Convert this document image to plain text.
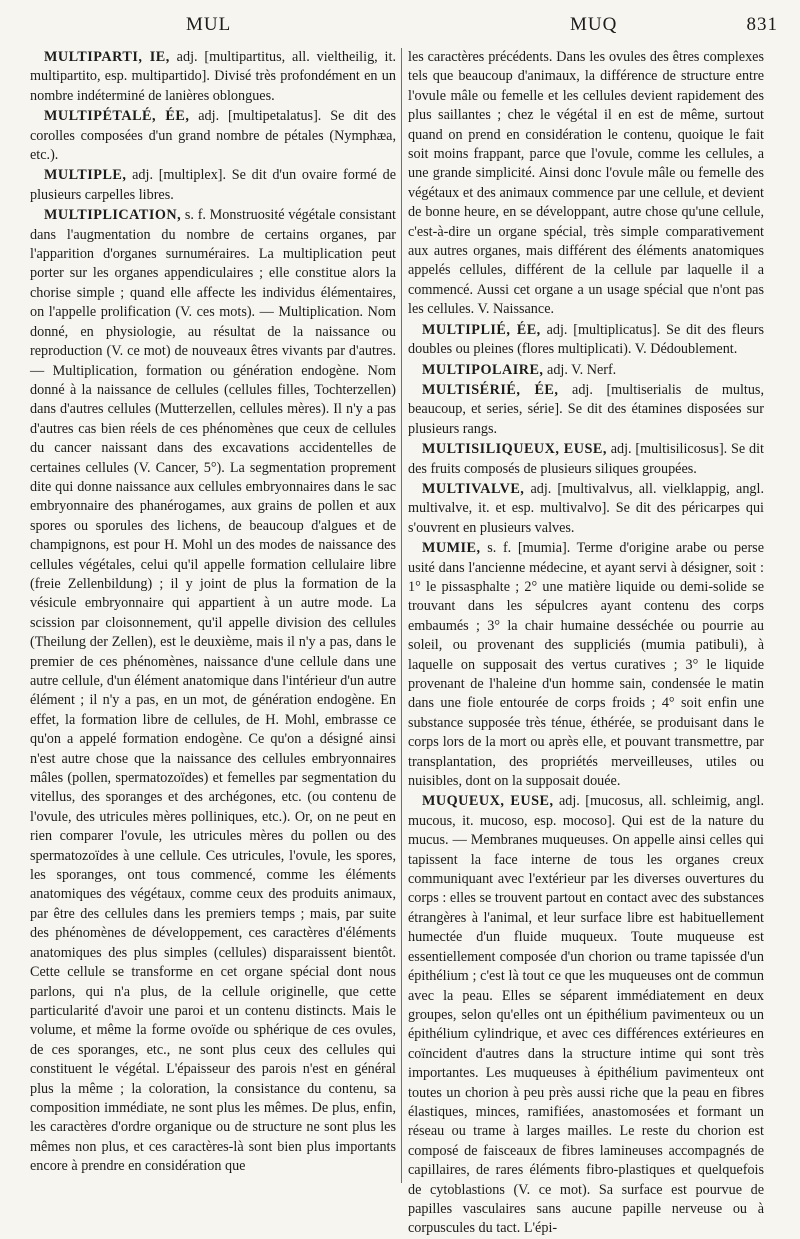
MUL	MUQ	831

MULTIPARTI, IE, adj. [multipartitus, all. vieltheilig, it. multipartito, esp. multipartido]. Divisé très profondément en un nombre indéterminé de lanières oblongues.

MULTIPÉTALÉ, ÉE, adj. [multipetalatus]. Se dit des corolles composées d'un grand nombre de pétales (Nymphæa, etc.).

MULTIPLE, adj. [multiplex]. Se dit d'un ovaire formé de plusieurs carpelles libres.

MULTIPLICATION, s. f. Monstruosité végétale consistant dans l'augmentation du nombre de certains organes, par l'apparition d'organes surnuméraires. La multiplication peut porter sur les organes appendiculaires ; elle constitue alors la chorise simple ; quand elle affecte les individus élémentaires, on l'appelle prolification (V. ces mots). — Multiplication. Nom donné, en physiologie, au résultat de la naissance ou reproduction (V. ce mot) de nouveaux êtres vivants par d'autres. — Multiplication, formation ou génération endogène. Nom donné à la naissance de cellules (cellules filles, Tochterzellen) dans d'autres cellules (Mutterzellen, cellules mères). Il n'y a pas d'autres cas bien réels de ces phénomènes que ceux de cellules du cancer naissant dans des excavations accidentelles de certaines cellules (V. Cancer, 5°). La segmentation proprement dite qui donne naissance aux cellules embryonnaires dans le sac embryonnaire des phanérogames, aux grains de pollen et aux spores ou sporules des lichens, de beaucoup d'algues et de champignons, est pour H. Mohl un des modes de naissance des cellules végétales, celui qu'il appelle formation cellulaire libre (freie Zellenbildung) ; il y joint de plus la formation de la vésicule embryonnaire qui appartient à un autre mode. La scission par cloisonnement, qu'il appelle division des cellules (Theilung der Zellen), est le deuxième, mais il n'y a pas, dans le premier de ces phénomènes, naissance d'une cellule dans une autre cellule, d'un élément anatomique dans l'intérieur d'un autre élément ; il n'y a pas, en un mot, de génération endogène. En effet, la formation libre de cellules, de H. Mohl, embrasse ce qu'on a appelé formation endogène. Ce qu'on a désigné ainsi n'est autre chose que la naissance des cellules embryonnaires mâles (pollen, spermatozoïdes) et femelles par segmentation du vitellus, des sporanges et des archégones, etc. (ou contenu de l'ovule, des utricules mères polliniques, etc.). Or, on ne peut en rien comparer l'ovule, les utricules mères du pollen ou des spermatozoïdes à une cellule. Ces utricules, l'ovule, les spores, les sporanges, ont tous commencé, comme les éléments anatomiques des végétaux, comme ceux des produits animaux, par être des cellules dans les premiers temps ; mais, par suite des phénomènes de développement, ces caractères d'éléments anatomiques des plus simples (cellules) disparaissent bientôt. Cette cellule se transforme en cet organe spécial dont nous parlons, qui n'a plus, de la cellule originelle, que cette particularité d'avoir une paroi et un contenu distincts. Mais le volume, et même la forme ovoïde ou sphérique de ces ovules, de ces sporanges, etc., ne sont plus ceux des cellules qui constituent le végétal. L'épaisseur des parois n'est en général plus la même ; la coloration, la consistance du contenu, sa composition immédiate, ne sont plus les mêmes. De plus, enfin, les caractères d'ordre organique ou de structure ne sont plus les mêmes non plus, et ces caractères-là sont bien plus importants encore à prendre en considération que

les caractères précédents. Dans les ovules des êtres complexes tels que beaucoup d'animaux, la différence de structure entre l'ovule mâle ou femelle et les cellules devient rapidement des plus saillantes ; chez le végétal il en est de même, surtout quand on prend en considération le contenu, quoique le fait soit moins frappant, parce que l'ovule, comme les cellules, a une grande simplicité. Ainsi donc l'ovule mâle ou femelle des végétaux et des animaux commence par une cellule, et devient de bonne heure, en se développant, autre chose qu'une cellule, c'est-à-dire un organe spécial, très simple comparativement aux autres organes, mais différent des éléments anatomiques appelés cellules, différent de la cellule par laquelle il a commencé. Aussi cet organe a un usage spécial que n'ont pas les cellules. V. Naissance.

MULTIPLIÉ, ÉE, adj. [multiplicatus]. Se dit des fleurs doubles ou pleines (flores multiplicati). V. Dédoublement.

MULTIPOLAIRE, adj. V. Nerf.

MULTISÉRIÉ, ÉE, adj. [multiserialis de multus, beaucoup, et series, série]. Se dit des étamines disposées sur plusieurs rangs.

MULTISILIQUEUX, EUSE, adj. [multisilicosus]. Se dit des fruits composés de plusieurs siliques groupées.

MULTIVALVE, adj. [multivalvus, all. vielklappig, angl. multivalve, it. et esp. multivalvo]. Se dit des péricarpes qui s'ouvrent en plusieurs valves.

MUMIE, s. f. [mumia]. Terme d'origine arabe ou perse usité dans l'ancienne médecine, et ayant servi à désigner, soit : 1° le pissasphalte ; 2° une matière liquide ou demi-solide se trouvant dans les sépulcres ayant contenu des corps embaumés ; 3° la chair humaine desséchée ou pourrie au soleil, ou provenant des suppliciés (mumia patibuli), à laquelle on supposait des vertus curatives ; 3° le liquide provenant de l'haleine d'un homme sain, condensée le matin dans une fiole entourée de corps froids ; 4° soit enfin une substance supposée très ténue, éthérée, se produisant dans le corps lors de la mort ou après elle, et pouvant transmettre, par transplantation, des propriétés merveilleuses, utiles ou nuisibles, dont on la supposait douée.

MUQUEUX, EUSE, adj. [mucosus, all. schleimig, angl. mucous, it. mucoso, esp. mocoso]. Qui est de la nature du mucus. — Membranes muqueuses. On appelle ainsi celles qui tapissent la face interne de tous les organes creux communiquant avec l'extérieur par les diverses ouvertures du corps : elles se trouvent partout en contact avec des substances étrangères à l'animal, et leur surface libre est habituellement humectée d'un fluide muqueux. Toute muqueuse est essentiellement composée d'un chorion ou trame tapissée d'un épithélium ; c'est là tout ce que les muqueuses ont de commun avec la peau. Elles se séparent immédiatement en deux groupes, selon qu'elles ont un épithélium pavimenteux ou un épithélium cylindrique, et avec ces différences extérieures en coïncident d'autres dans la structure intime qui sont très importantes. Les muqueuses à épithélium pavimenteux ont toutes un chorion à peu près aussi riche que la peau en fibres élastiques, minces, ramifiées, anastomosées et formant un réseau ou trame à larges mailles. Le reste du chorion est composé de faisceaux de fibres lamineuses accompagnés de capillaires, de rares éléments fibro-plastiques et quelquefois de cytoblastions (V. ce mot). Sa surface est pourvue de papilles vasculaires sans aucune papille nerveuse ou à corpuscules du tact. L'épi-
